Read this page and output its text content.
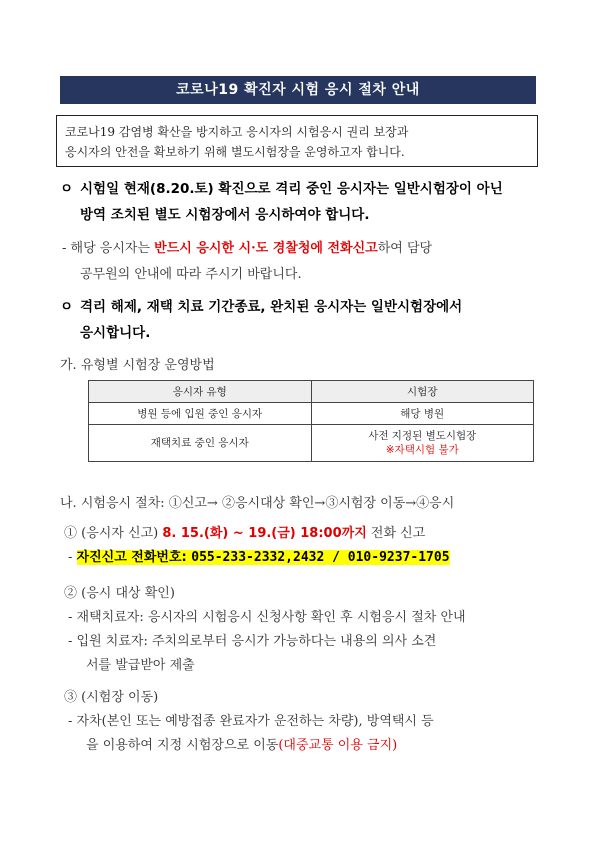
코로나19 확진자 시험 응시 절차 안내
코로나19 감염병 확산을 방지하고 응시자의 시험응시 권리 보장과
응시자의 안전을 확보하기 위해 별도시험장을 운영하고자 합니다.
ㅇ 시험일 현재(8.20.토) 확진으로 격리 중인 응시자는 일반시험장이 아닌
방역 조치된 별도 시험장에서 응시하여야 합니다.
- 해당 응시자는 반드시 응시한 시·도 경찰청에 전화신고하여 담당
공무원의 안내에 따라 주시기 바랍니다.
ㅇ 격리 해제, 재택 치료 기간종료, 완치된 응시자는 일반시험장에서
응시합니다.
가. 유형별 시험장 운영방법
응시자 유형	시험장
병원 등에 입원 중인 응시자	해당 병원
재택치료 중인 응시자	사전 지정된 별도시험장
※자택시험 불가
나. 시험응시 절차: ①신고→ ②응시대상 확인→③시험장 이동→④응시
① (응시자 신고) 8. 15.(화) ~ 19.(금) 18:00까지 전화 신고
- 자진신고 전화번호: 055-233-2332,2432 / 010-9237-1705
② (응시 대상 확인)
- 재택치료자: 응시자의 시험응시 신청사항 확인 후 시험응시 절차 안내
- 입원 치료자: 주치의로부터 응시가 가능하다는 내용의 의사 소견
서를 발급받아 제출
③ (시험장 이동)
- 자차(본인 또는 예방접종 완료자가 운전하는 차량), 방역택시 등
을 이용하여 지정 시험장으로 이동(대중교통 이용 금지)
